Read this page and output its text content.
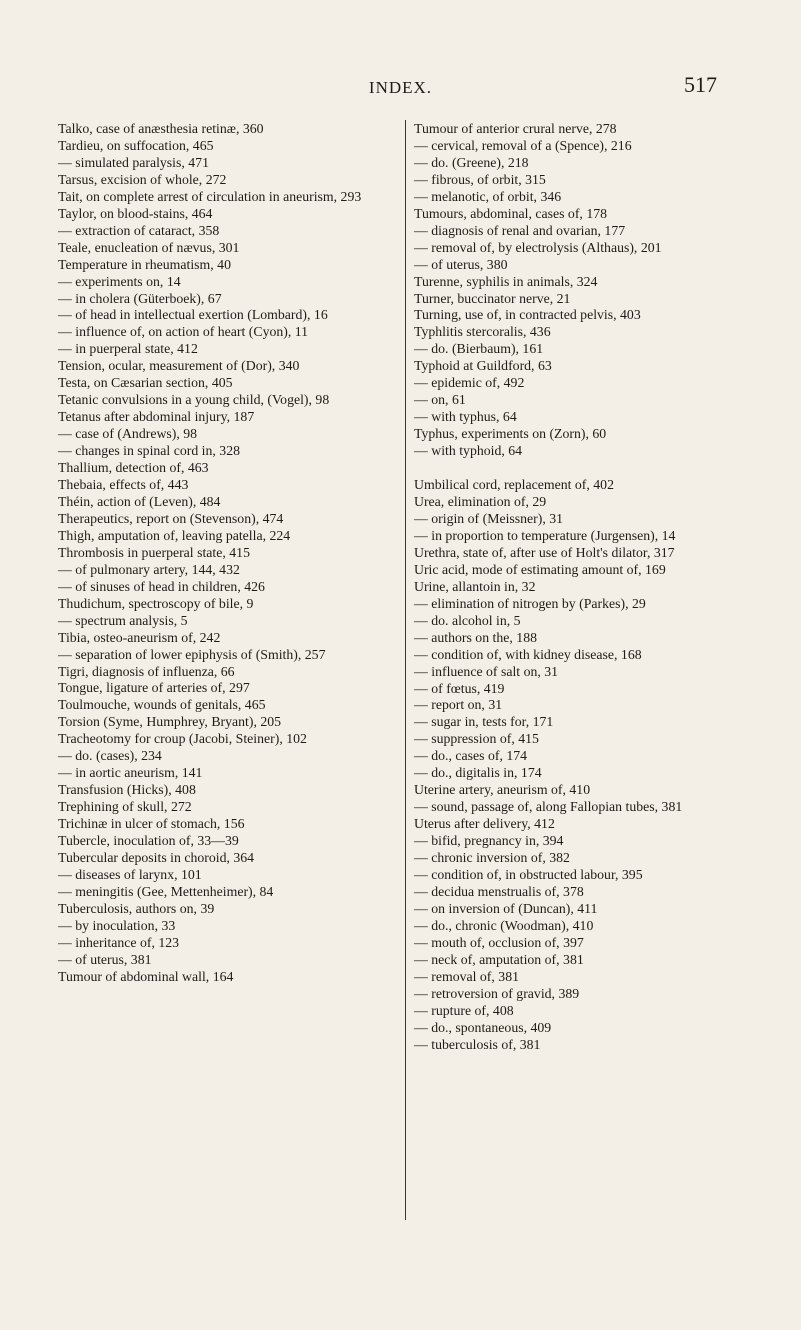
INDEX.	517
Talko, case of anæsthesia retinæ, 360
Tardieu, on suffocation, 465
— simulated paralysis, 471
Tarsus, excision of whole, 272
Tait, on complete arrest of circulation in aneurism, 293
Taylor, on blood-stains, 464
— extraction of cataract, 358
Teale, enucleation of nævus, 301
Temperature in rheumatism, 40
— experiments on, 14
— in cholera (Güterboek), 67
— of head in intellectual exertion (Lombard), 16
— influence of, on action of heart (Cyon), 11
— in puerperal state, 412
Tension, ocular, measurement of (Dor), 340
Testa, on Cæsarian section, 405
Tetanic convulsions in a young child, (Vogel), 98
Tetanus after abdominal injury, 187
— case of (Andrews), 98
— changes in spinal cord in, 328
Thallium, detection of, 463
Thebaia, effects of, 443
Théin, action of (Leven), 484
Therapeutics, report on (Stevenson), 474
Thigh, amputation of, leaving patella, 224
Thrombosis in puerperal state, 415
— of pulmonary artery, 144, 432
— of sinuses of head in children, 426
Thudichum, spectroscopy of bile, 9
— spectrum analysis, 5
Tibia, osteo-aneurism of, 242
— separation of lower epiphysis of (Smith), 257
Tigri, diagnosis of influenza, 66
Tongue, ligature of arteries of, 297
Toulmouche, wounds of genitals, 465
Torsion (Syme, Humphrey, Bryant), 205
Tracheotomy for croup (Jacobi, Steiner), 102
— do. (cases), 234
— in aortic aneurism, 141
Transfusion (Hicks), 408
Trephining of skull, 272
Trichinæ in ulcer of stomach, 156
Tubercle, inoculation of, 33—39
Tubercular deposits in choroid, 364
— diseases of larynx, 101
— meningitis (Gee, Mettenheimer), 84
Tuberculosis, authors on, 39
— by inoculation, 33
— inheritance of, 123
— of uterus, 381
Tumour of abdominal wall, 164
Tumour of anterior crural nerve, 278
— cervical, removal of a (Spence), 216
— do. (Greene), 218
— fibrous, of orbit, 315
— melanotic, of orbit, 346
Tumours, abdominal, cases of, 178
— diagnosis of renal and ovarian, 177
— removal of, by electrolysis (Althaus), 201
— of uterus, 380
Turenne, syphilis in animals, 324
Turner, buccinator nerve, 21
Turning, use of, in contracted pelvis, 403
Typhlitis stercoralis, 436
— do. (Bierbaum), 161
Typhoid at Guildford, 63
— epidemic of, 492
— on, 61
— with typhus, 64
Typhus, experiments on (Zorn), 60
— with typhoid, 64
Umbilical cord, replacement of, 402
Urea, elimination of, 29
— origin of (Meissner), 31
— in proportion to temperature (Jurgensen), 14
Urethra, state of, after use of Holt's dilator, 317
Uric acid, mode of estimating amount of, 169
Urine, allantoin in, 32
— elimination of nitrogen by (Parkes), 29
— do. alcohol in, 5
— authors on the, 188
— condition of, with kidney disease, 168
— influence of salt on, 31
— of fœtus, 419
— report on, 31
— sugar in, tests for, 171
— suppression of, 415
— do., cases of, 174
— do., digitalis in, 174
Uterine artery, aneurism of, 410
— sound, passage of, along Fallopian tubes, 381
Uterus after delivery, 412
— bifid, pregnancy in, 394
— chronic inversion of, 382
— condition of, in obstructed labour, 395
— decidua menstrualis of, 378
— on inversion of (Duncan), 411
— do., chronic (Woodman), 410
— mouth of, occlusion of, 397
— neck of, amputation of, 381
— removal of, 381
— retroversion of gravid, 389
— rupture of, 408
— do., spontaneous, 409
— tuberculosis of, 381
